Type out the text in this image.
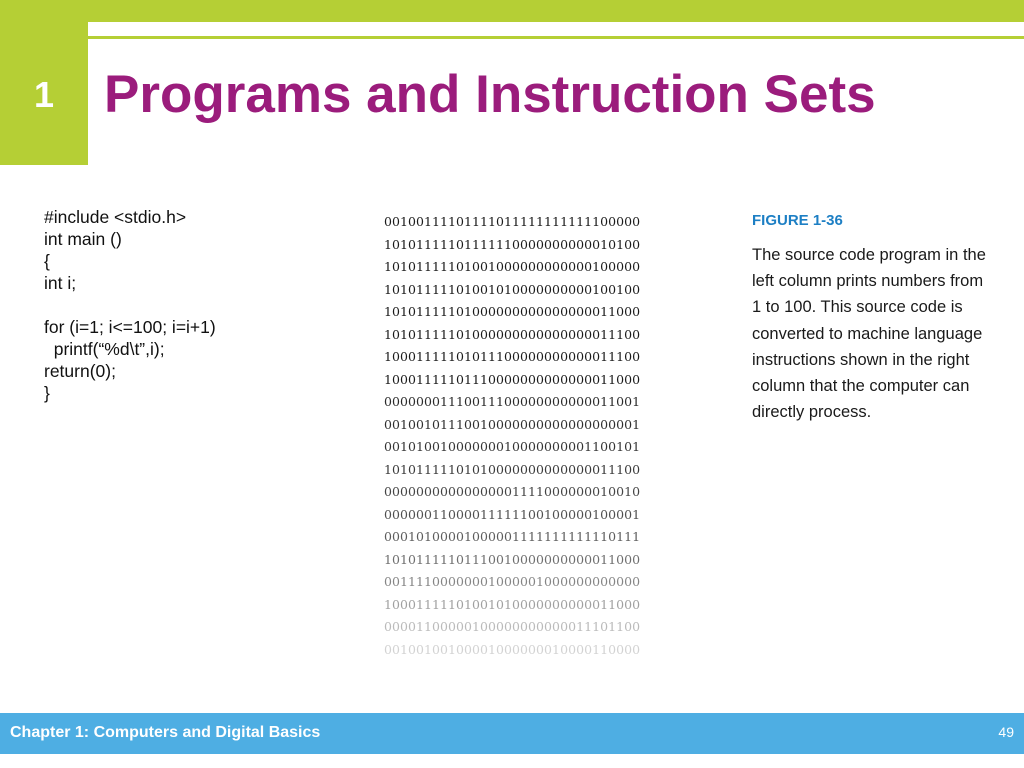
1 Programs and Instruction Sets
#include <stdio.h>
int main ()
{
int i;

for (i=1; i<=100; i=i+1)
printf(“%d\t”,i);
return(0);
}
00100111101111011111111111100000
10101111101111110000000000010100
10101111101001000000000000100000
10101111101001010000000000100100
10101111101000000000000000011000
10101111101000000000000000011100
10001111101011100000000000011100
10001111101110000000000000011000
00000001110011100000000000011001
00100101110010000000000000000001
00101001000000010000000001100101
10101111101010000000000000011100
00000000000000001111000000010010
00000011000011111100100000100001
00010100001000001111111111110111
10101111101110010000000000011000
00111100000001000001000000000000
10001111101001010000000000011000
00001100000100000000000011101100
00100100100001000000010000110000
FIGURE 1-36
The source code program in the
left column prints numbers from
1 to 100. This source code is
converted to machine language
instructions shown in the right
column that the computer can
directly process.
Chapter 1: Computers and Digital Basics	49
